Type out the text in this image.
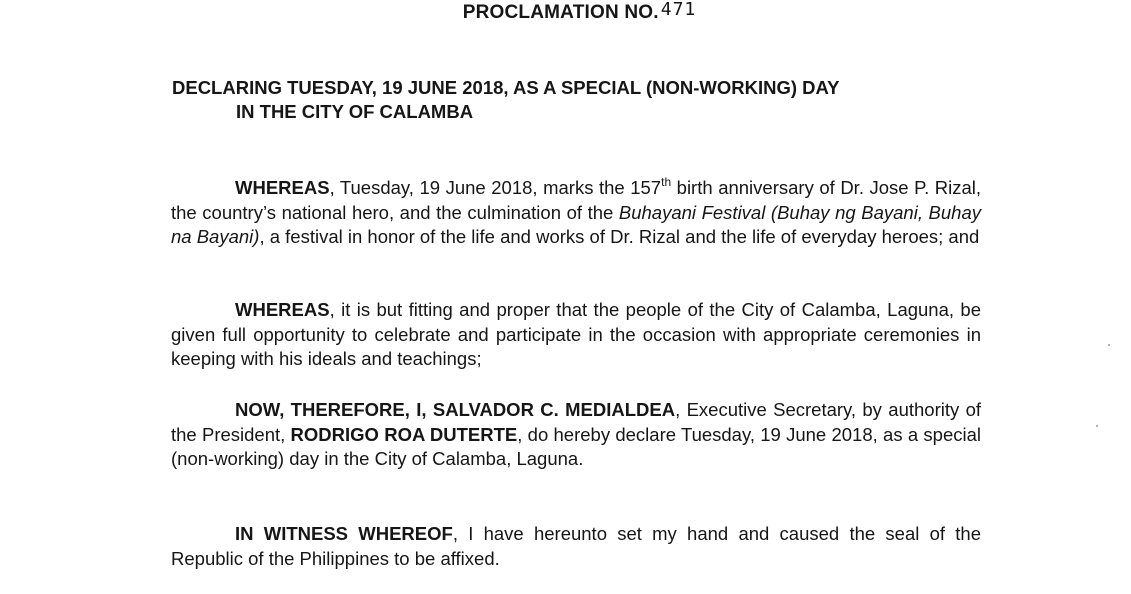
PROCLAMATION NO. 471
DECLARING TUESDAY, 19 JUNE 2018, AS A SPECIAL (NON-WORKING) DAY
IN THE CITY OF CALAMBA
WHEREAS, Tuesday, 19 June 2018, marks the 157th birth anniversary of Dr. Jose P. Rizal, the country’s national hero, and the culmination of the Buhayani Festival (Buhay ng Bayani, Buhay na Bayani), a festival in honor of the life and works of Dr. Rizal and the life of everyday heroes; and
WHEREAS, it is but fitting and proper that the people of the City of Calamba, Laguna, be given full opportunity to celebrate and participate in the occasion with appropriate ceremonies in keeping with his ideals and teachings;
NOW, THEREFORE, I, SALVADOR C. MEDIALDEA, Executive Secretary, by authority of the President, RODRIGO ROA DUTERTE, do hereby declare Tuesday, 19 June 2018, as a special (non-working) day in the City of Calamba, Laguna.
IN WITNESS WHEREOF, I have hereunto set my hand and caused the seal of the Republic of the Philippines to be affixed.
